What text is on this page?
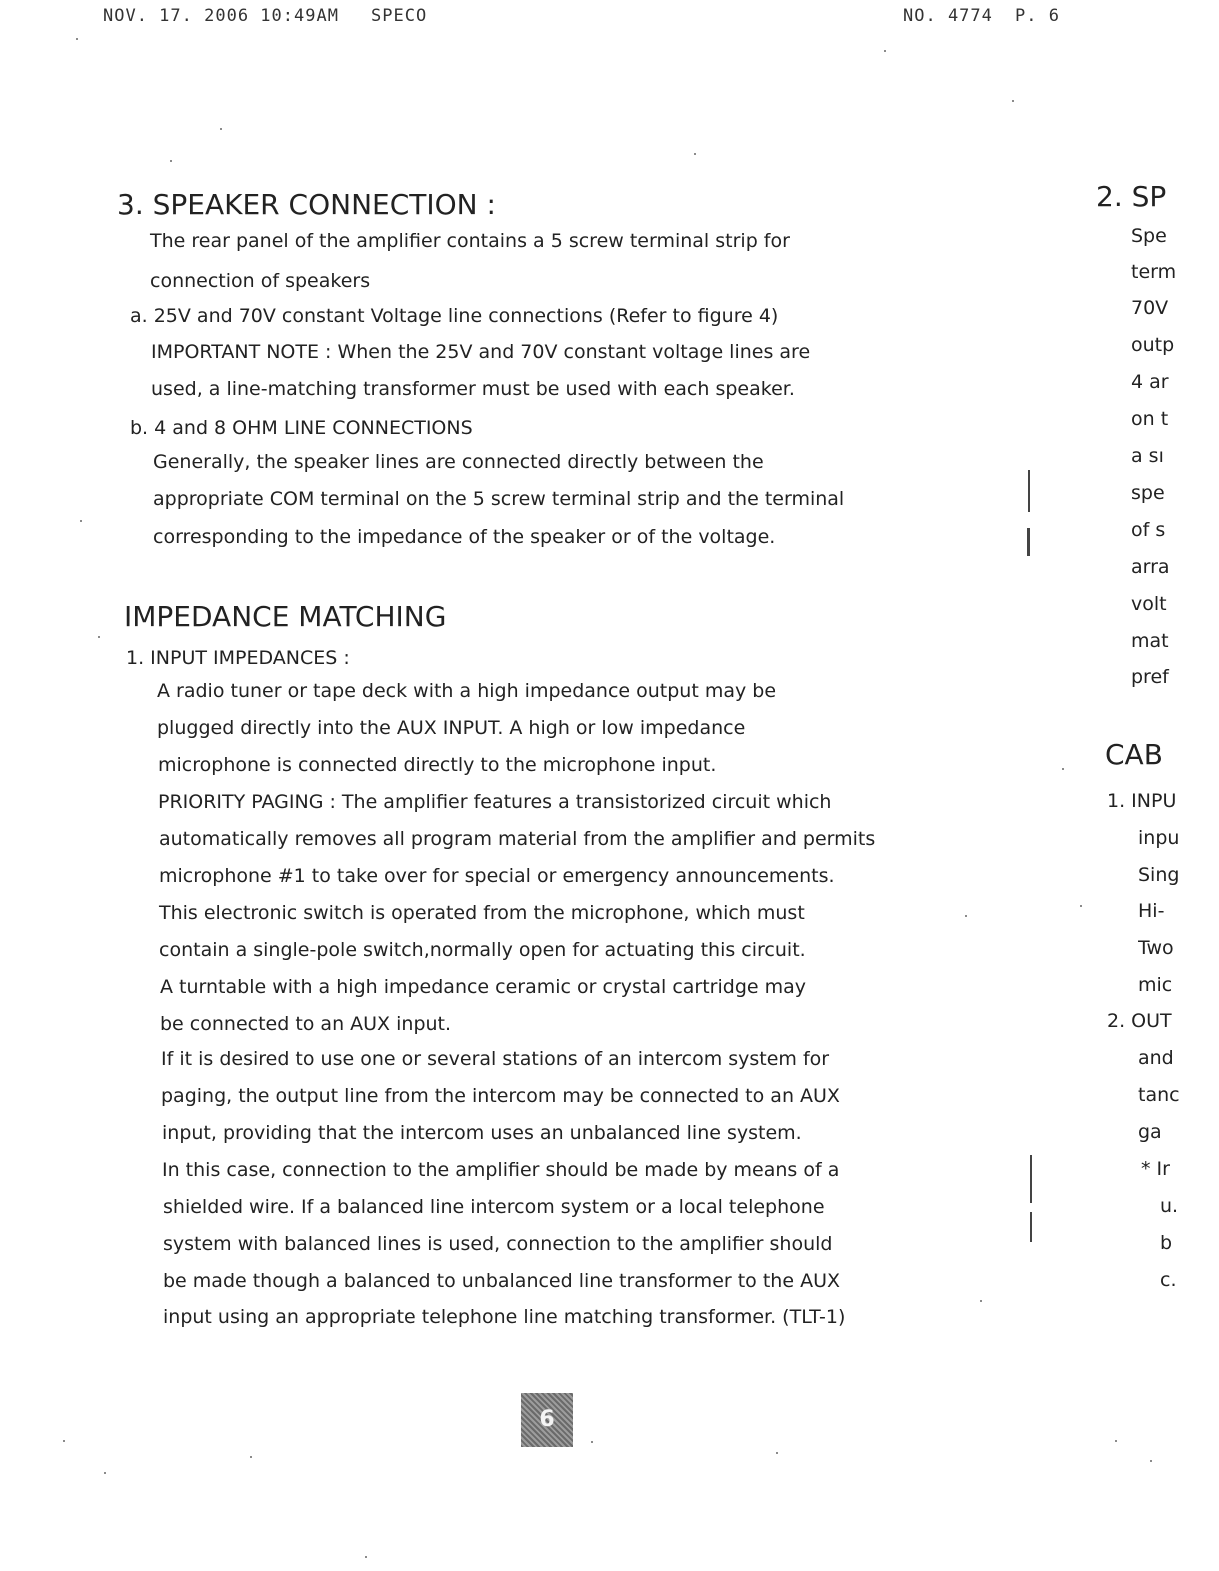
NOV. 17. 2006 10:49AM SPECO	NO. 4774 P. 6
3. SPEAKER CONNECTION :
The rear panel of the amplifier contains a 5 screw terminal strip for
connection of speakers
a. 25V and 70V constant Voltage line connections (Refer to figure 4)
IMPORTANT NOTE : When the 25V and 70V constant voltage lines are
used, a line-matching transformer must be used with each speaker.
b. 4 and 8 OHM LINE CONNECTIONS
Generally, the speaker lines are connected directly between the
appropriate COM terminal on the 5 screw terminal strip and the terminal
corresponding to the impedance of the speaker or of the voltage.
IMPEDANCE MATCHING
1. INPUT IMPEDANCES :
A radio tuner or tape deck with a high impedance output may be
plugged directly into the AUX INPUT. A high or low impedance
microphone is connected directly to the microphone input.
PRIORITY PAGING : The amplifier features a transistorized circuit which
automatically removes all program material from the amplifier and permits
microphone #1 to take over for special or emergency announcements.
This electronic switch is operated from the microphone, which must
contain a single-pole switch,normally open for actuating this circuit.
A turntable with a high impedance ceramic or crystal cartridge may
be connected to an AUX input.
If it is desired to use one or several stations of an intercom system for
paging, the output line from the intercom may be connected to an AUX
input, providing that the intercom uses an unbalanced line system.
In this case, connection to the amplifier should be made by means of a
shielded wire. If a balanced line intercom system or a local telephone
system with balanced lines is used, connection to the amplifier should
be made though a balanced to unbalanced line transformer to the AUX
input using an appropriate telephone line matching transformer. (TLT-1)
2. SP
Spe
term
70V
outp
4 ar
on t
a sı
spe
of s
arra
volt
mat
pref
CAB
1. INPU
inpu
Sing
Hi-
Two
mic
2. OUT
and
tanc
ga
* Ir
u.
b
c.
6
